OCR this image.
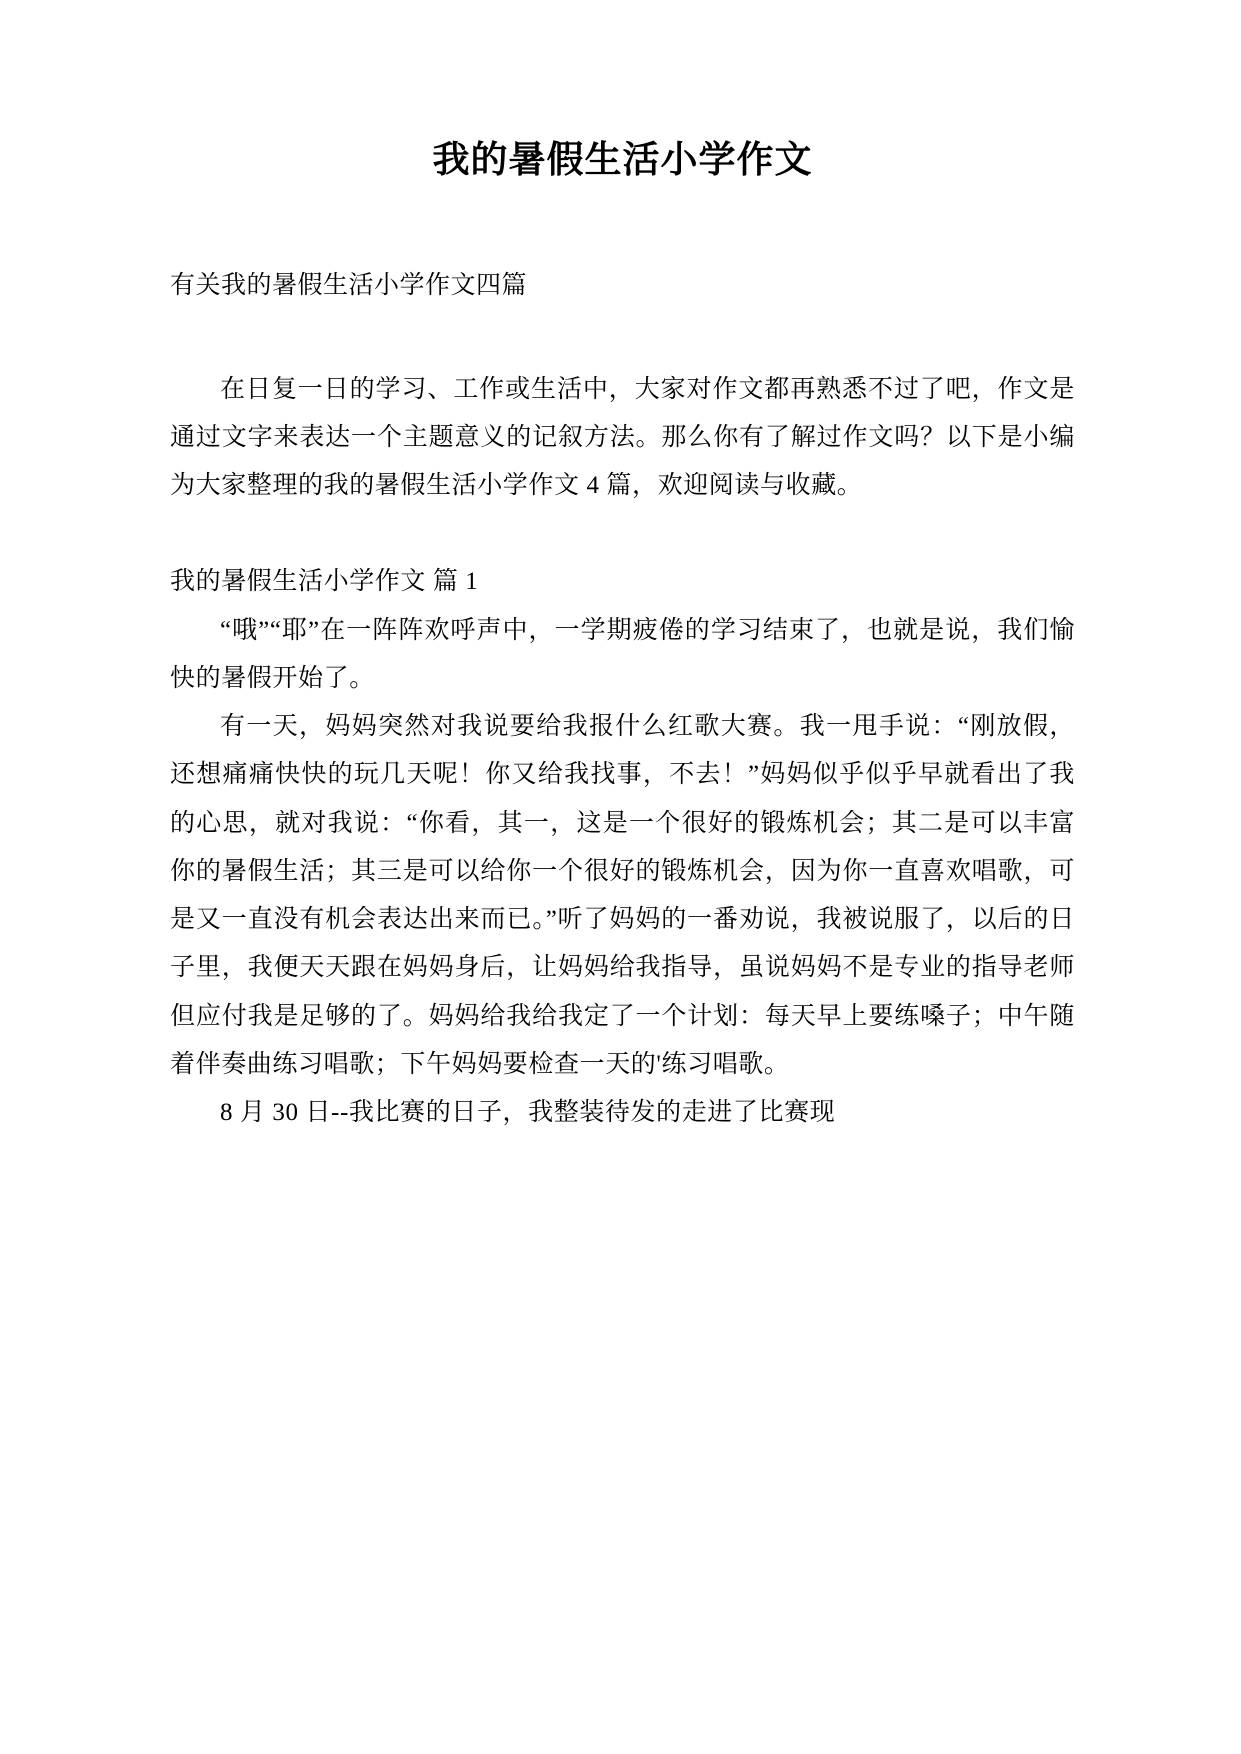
我的暑假生活小学作文

有关我的暑假生活小学作文四篇

在日复一日的学习、工作或生活中，大家对作文都再熟悉不过了吧，作文是通过文字来表达一个主题意义的记叙方法。那么你有了解过作文吗？以下是小编为大家整理的我的暑假生活小学作文 4 篇，欢迎阅读与收藏。

我的暑假生活小学作文 篇 1

“哦”“耶”在一阵阵欢呼声中，一学期疲倦的学习结束了，也就是说，我们愉快的暑假开始了。

有一天，妈妈突然对我说要给我报什么红歌大赛。我一甩手说：“刚放假，还想痛痛快快的玩几天呢！你又给我找事，不去！”妈妈似乎似乎早就看出了我的心思，就对我说：“你看，其一，这是一个很好的锻炼机会；其二是可以丰富你的暑假生活；其三是可以给你一个很好的锻炼机会，因为你一直喜欢唱歌，可是又一直没有机会表达出来而已。”听了妈妈的一番劝说，我被说服了，以后的日子里，我便天天跟在妈妈身后，让妈妈给我指导，虽说妈妈不是专业的指导老师但应付我是足够的了。妈妈给我给我定了一个计划：每天早上要练嗓子；中午随着伴奏曲练习唱歌；下午妈妈要检查一天的'练习唱歌。

8 月 30 日--我比赛的日子，我整装待发的走进了比赛现
